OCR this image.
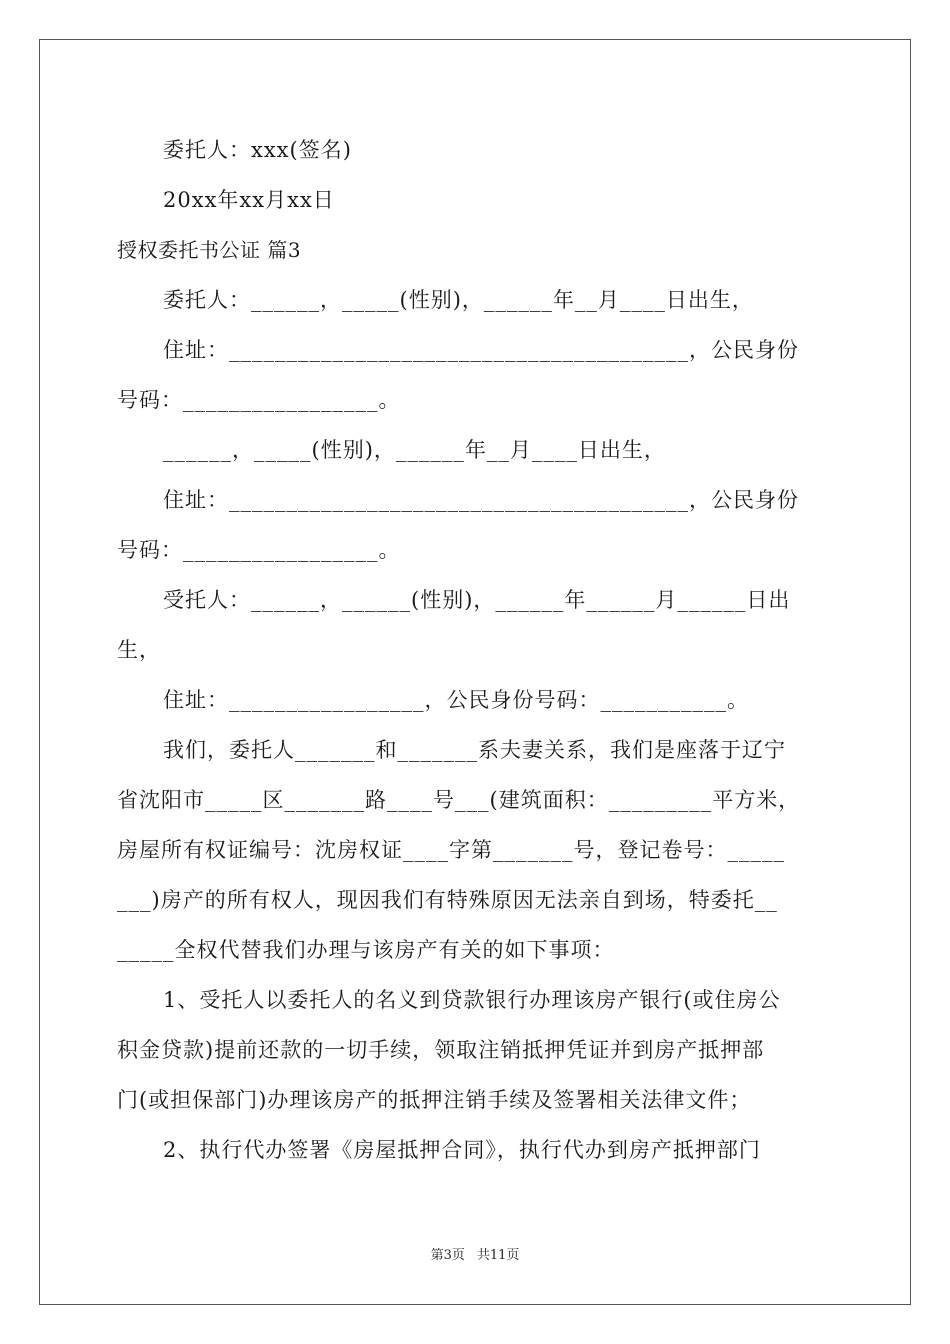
委托人：xxx(签名)
20xx年xx月xx日
授权委托书公证 篇3
委托人：______，_____(性别)，______年__月____日出生，
住址：________________________________________，公民身份
号码：_________________。
______，_____(性别)，______年__月____日出生，
住址：________________________________________，公民身份
号码：_________________。
受托人：______，______(性别)，______年______月______日出
生，
住址：_________________，公民身份号码：___________。
我们，委托人_______和_______系夫妻关系，我们是座落于辽宁
省沈阳市_____区_______路____号___(建筑面积：_________平方米，
房屋所有权证编号：沈房权证____字第_______号，登记卷号：_____
___)房产的所有权人，现因我们有特殊原因无法亲自到场，特委托__
_____全权代替我们办理与该房产有关的如下事项：
1、受托人以委托人的名义到贷款银行办理该房产银行(或住房公
积金贷款)提前还款的一切手续，领取注销抵押凭证并到房产抵押部
门(或担保部门)办理该房产的抵押注销手续及签署相关法律文件；
2、执行代办签署《房屋抵押合同》，执行代办到房产抵押部门
第3页 共11页
